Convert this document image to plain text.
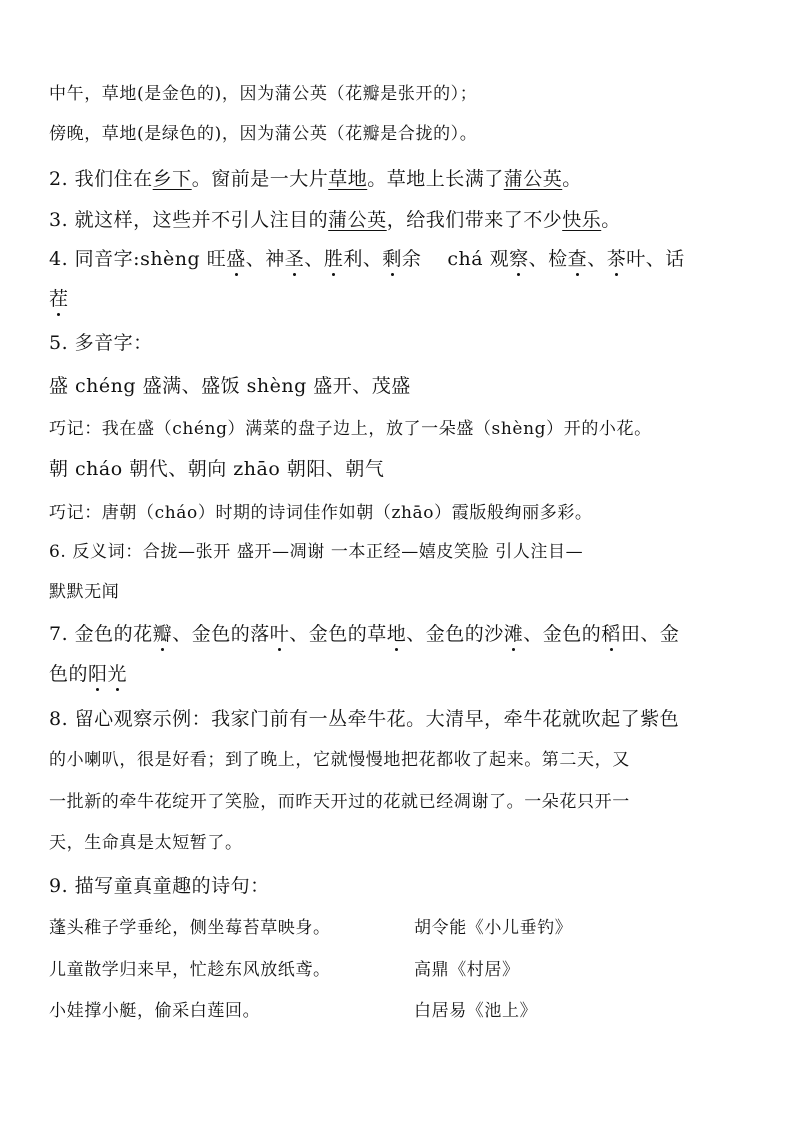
中午，草地(是金色的)，因为蒲公英（花瓣是张开的）；
傍晚，草地(是绿色的)，因为蒲公英（花瓣是合拢的）。
2. 我们住在乡下。窗前是一大片草地。草地上长满了蒲公英。
3. 就这样，这些并不引人注目的蒲公英，给我们带来了不少快乐。
4. 同音字:shèng 旺盛、神圣、胜利、剩余 chá 观察、检查、茶叶、话
茬
5. 多音字：
盛 chéng 盛满、盛饭 shèng 盛开、茂盛
巧记：我在盛（chéng）满菜的盘子边上，放了一朵盛（shèng）开的小花。
朝 cháo 朝代、朝向 zhāo 朝阳、朝气
巧记：唐朝（cháo）时期的诗词佳作如朝（zhāo）霞版般绚丽多彩。
6. 反义词：合拢—张开 盛开—凋谢 一本正经—嬉皮笑脸 引人注目—
默默无闻
7. 金色的花瓣、金色的落叶、金色的草地、金色的沙滩、金色的稻田、金
色的阳光
8. 留心观察示例：我家门前有一丛牵牛花。大清早，牵牛花就吹起了紫色
的小喇叭，很是好看；到了晚上，它就慢慢地把花都收了起来。第二天，又
一批新的牵牛花绽开了笑脸，而昨天开过的花就已经凋谢了。一朵花只开一
天，生命真是太短暂了。
9. 描写童真童趣的诗句：
蓬头稚子学垂纶，侧坐莓苔草映身。	胡令能《小儿垂钓》
儿童散学归来早，忙趁东风放纸鸢。	高鼎《村居》
小娃撑小艇，偷采白莲回。	白居易《池上》
